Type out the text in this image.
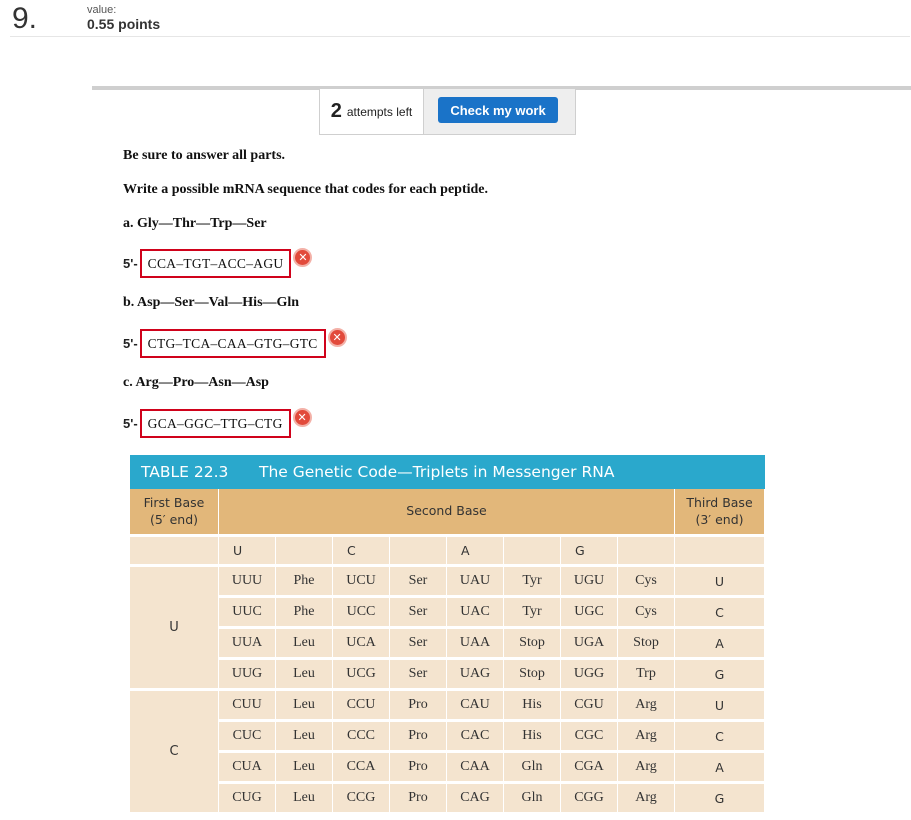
9.	value:
0.55 points
2 attempts left	Check my work
Be sure to answer all parts.
Write a possible mRNA sequence that codes for each peptide.
a. Gly—Thr—Trp—Ser
5'- CCA–TGT–ACC–AGU	✕
b. Asp—Ser—Val—His—Gln
5'- CTG–TCA–CAA–GTG–GTC	✕
c. Arg—Pro—Asn—Asp
5'- GCA–GGC–TTG–CTG	✕
TABLE 22.3	The Genetic Code—Triplets in Messenger RNA
First Base
(5′ end)
Second Base
Third Base
(3′ end)
U	C	A	G
U
UUU	Phe	UCU	Ser	UAU	Tyr	UGU	Cys	U
UUC	Phe	UCC	Ser	UAC	Tyr	UGC	Cys	C
UUA	Leu	UCA	Ser	UAA	Stop	UGA	Stop	A
UUG	Leu	UCG	Ser	UAG	Stop	UGG	Trp	G
C
CUU	Leu	CCU	Pro	CAU	His	CGU	Arg	U
CUC	Leu	CCC	Pro	CAC	His	CGC	Arg	C
CUA	Leu	CCA	Pro	CAA	Gln	CGA	Arg	A
CUG	Leu	CCG	Pro	CAG	Gln	CGG	Arg	G
